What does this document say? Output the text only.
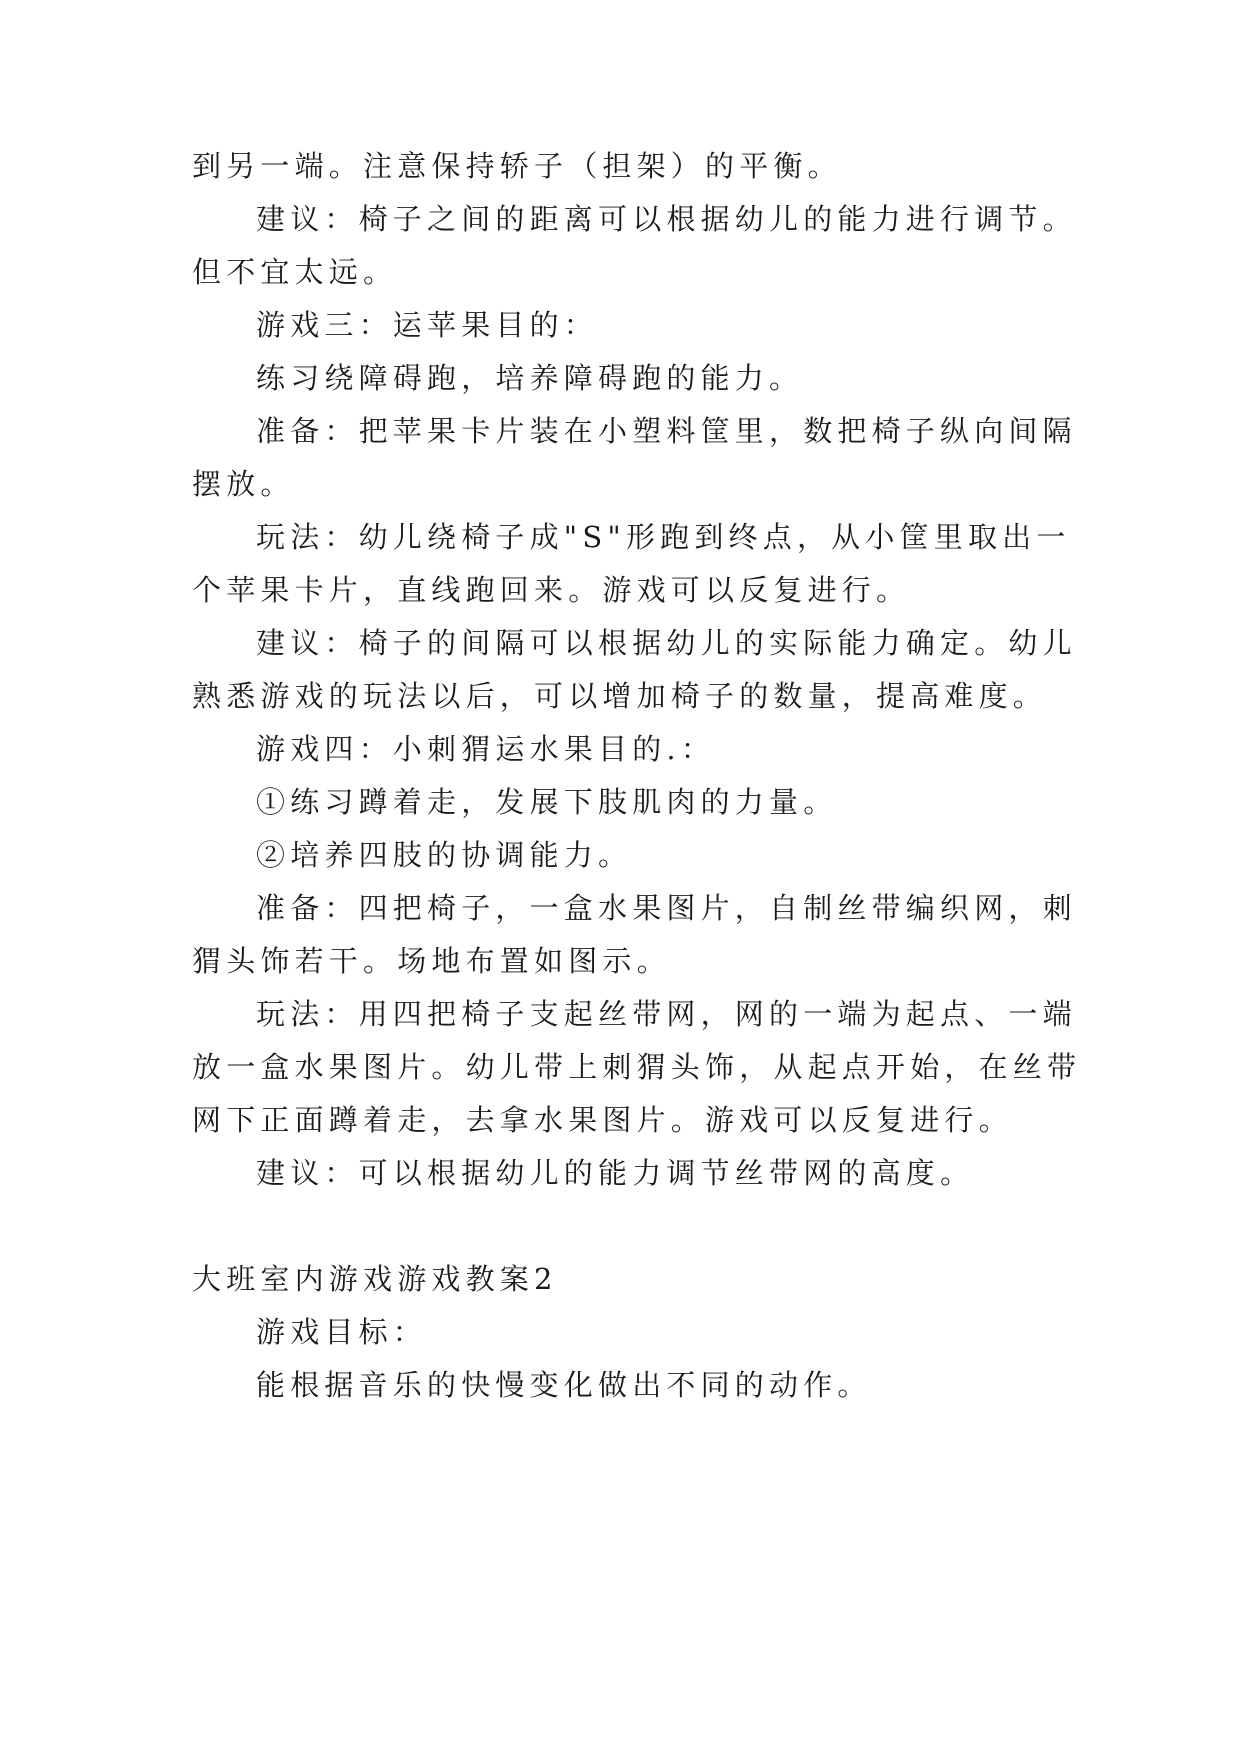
到另一端。注意保持轿子（担架）的平衡。
建议：椅子之间的距离可以根据幼儿的能力进行调节。
但不宜太远。
游戏三：运苹果目的：
练习绕障碍跑，培养障碍跑的能力。
准备：把苹果卡片装在小塑料筐里，数把椅子纵向间隔
摆放。
玩法：幼儿绕椅子成"S"形跑到终点，从小筐里取出一
个苹果卡片，直线跑回来。游戏可以反复进行。
建议：椅子的间隔可以根据幼儿的实际能力确定。幼儿
熟悉游戏的玩法以后，可以增加椅子的数量，提高难度。
游戏四：小刺猬运水果目的.：
①练习蹲着走，发展下肢肌肉的力量。
②培养四肢的协调能力。
准备：四把椅子，一盒水果图片，自制丝带编织网，刺
猬头饰若干。场地布置如图示。
玩法：用四把椅子支起丝带网，网的一端为起点、一端
放一盒水果图片。幼儿带上刺猬头饰，从起点开始，在丝带
网下正面蹲着走，去拿水果图片。游戏可以反复进行。
建议：可以根据幼儿的能力调节丝带网的高度。
大班室内游戏游戏教案2
游戏目标：
能根据音乐的快慢变化做出不同的动作。
